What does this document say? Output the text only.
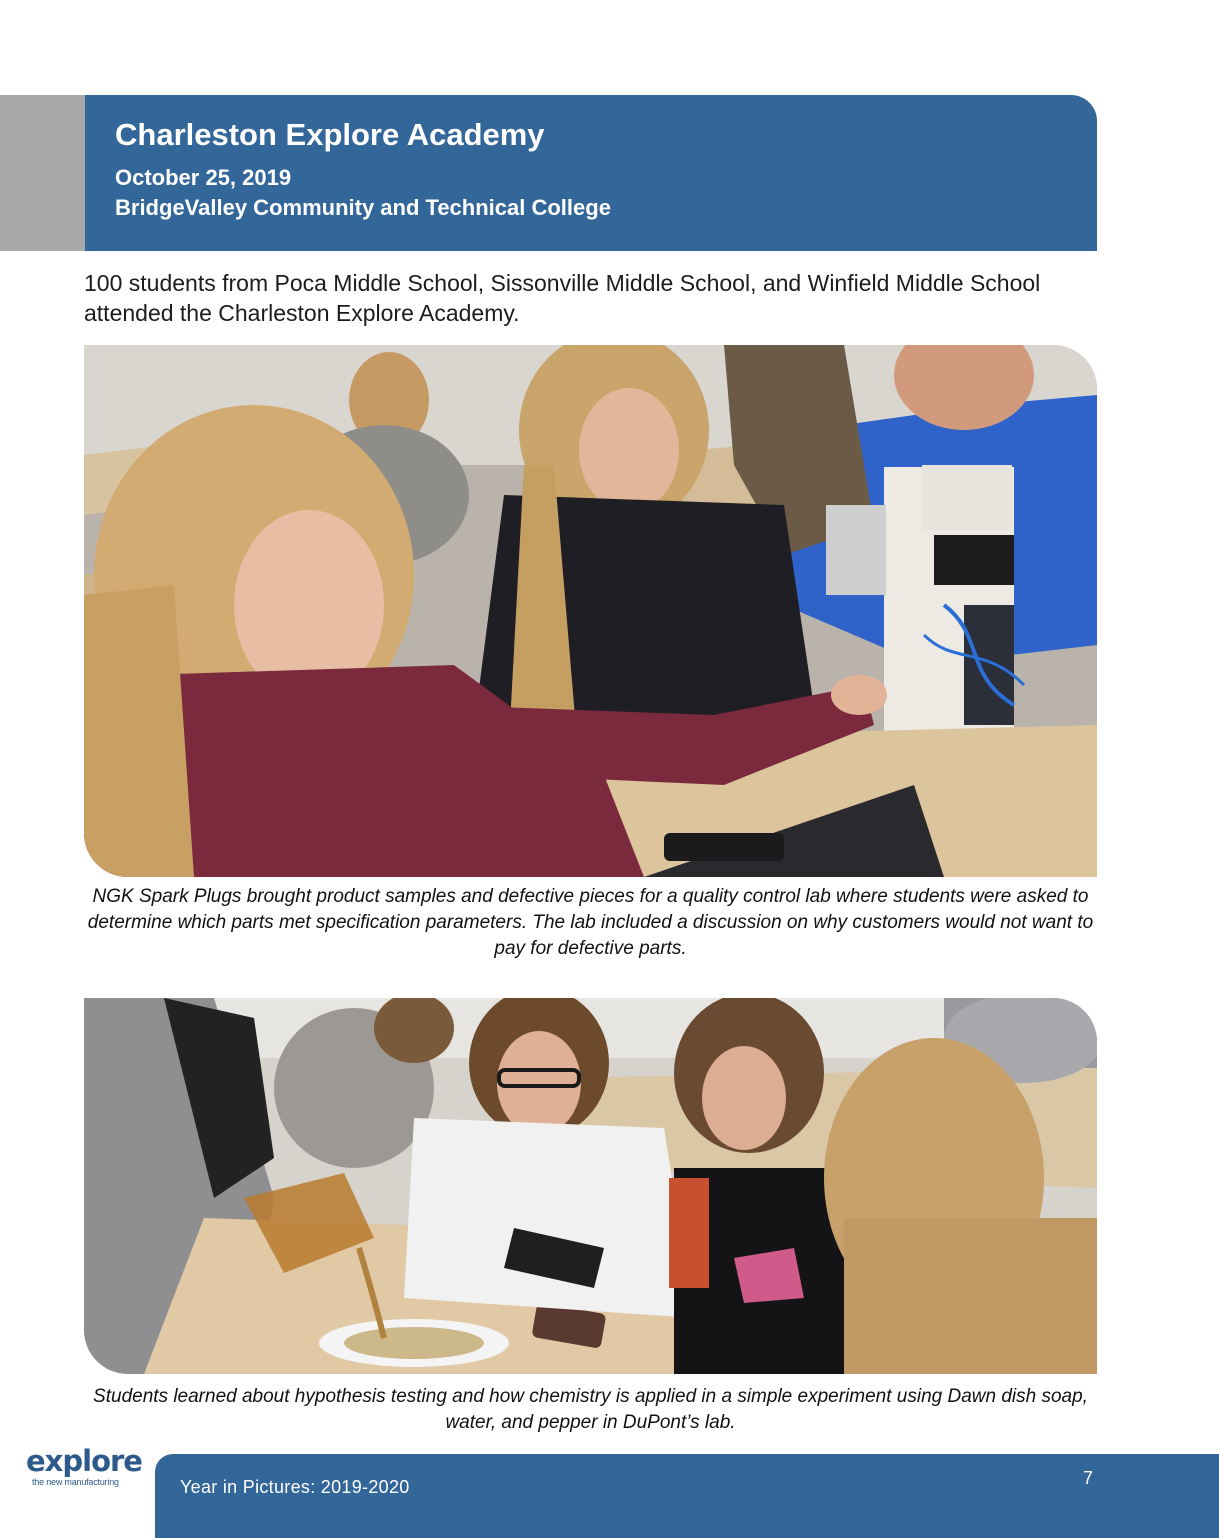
Charleston Explore Academy

October 25, 2019

BridgeValley Community and Technical College

100 students from Poca Middle School, Sissonville Middle School, and Winfield Middle School attended the Charleston Explore Academy.

NGK Spark Plugs brought product samples and defective pieces for a quality control lab where students were asked to determine which parts met specification parameters. The lab included a discussion on why customers would not want to pay for defective parts.

Students learned about hypothesis testing and how chemistry is applied in a simple experiment using Dawn dish soap, water, and pepper in DuPont’s lab.

explore
the new manufacturing	Year in Pictures: 2019-2020	7
